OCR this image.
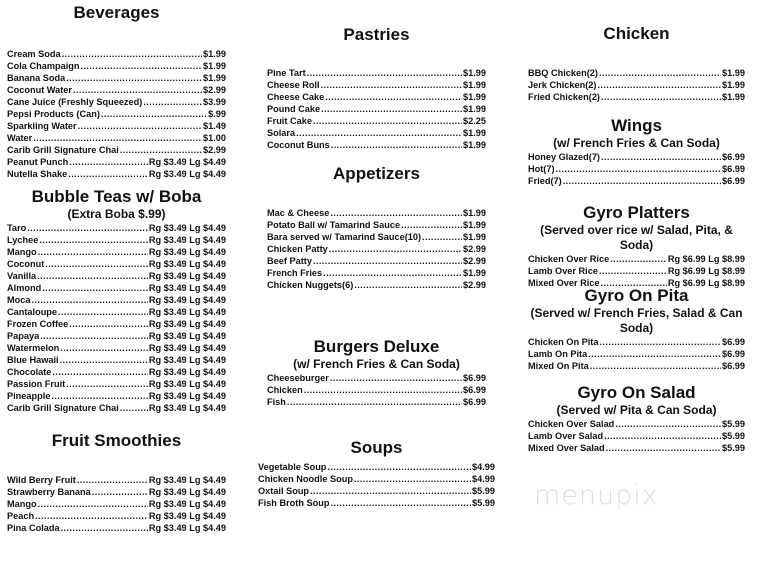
Beverages
Cream Soda .....	$1.99
Cola Champaign .....	$1.99
Banana Soda .....	$1.99
Coconut Water .....	$2.99
Cane Juice (Freshly Squeezed) .....	$3.99
Pepsi Products (Can) .....	$.99
Sparkling Water .....	$1.49
Water .....	$1.00
Carib Grill Signature Chai .....	$2.99
Peanut Punch .....	Rg $3.49 Lg $4.49
Nutella Shake .....	Rg $3.49 Lg $4.49
Bubble Teas w/ Boba
(Extra Boba $.99)
Taro .....	Rg $3.49 Lg $4.49
Lychee .....	Rg $3.49 Lg $4.49
Mango .....	Rg $3.49 Lg $4.49
Coconut .....	Rg $3.49 Lg $4.49
Vanilla .....	Rg $3.49 Lg $4.49
Almond .....	Rg $3.49 Lg $4.49
Moca .....	Rg $3.49 Lg $4.49
Cantaloupe .....	Rg $3.49 Lg $4.49
Frozen Coffee .....	Rg $3.49 Lg $4.49
Papaya .....	Rg $3.49 Lg $4.49
Watermelon .....	Rg $3.49 Lg $4.49
Blue Hawaii .....	Rg $3.49 Lg $4.49
Chocolate .....	Rg $3.49 Lg $4.49
Passion Fruit .....	Rg $3.49 Lg $4.49
Pineapple .....	Rg $3.49 Lg $4.49
Carib Grill Signature Chai .....	Rg $3.49 Lg $4.49
Fruit Smoothies
Wild Berry Fruit .....	Rg $3.49 Lg $4.49
Strawberry Banana .....	Rg $3.49 Lg $4.49
Mango .....	Rg $3.49 Lg $4.49
Peach .....	Rg $3.49 Lg $4.49
Pina Colada .....	Rg $3.49 Lg $4.49
Pastries
Pine Tart .....	$1.99
Cheese Roll .....	$1.99
Cheese Cake .....	$1.99
Pound Cake .....	$1.99
Fruit Cake .....	$2.25
Solara .....	$1.99
Coconut Buns .....	$1.99
Appetizers
Mac & Cheese .....	$1.99
Potato Ball w/ Tamarind Sauce .....	$1.99
Bara served w/ Tamarind Sauce(10) .....	$1.99
Chicken Patty .....	$2.99
Beef Patty .....	$2.99
French Fries .....	$1.99
Chicken Nuggets(6) .....	$2.99
Burgers Deluxe
(w/ French Fries & Can Soda)
Cheeseburger .....	$6.99
Chicken .....	$6.99
Fish .....	$6.99
Soups
Vegetable Soup .....	$4.99
Chicken Noodle Soup .....	$4.99
Oxtail Soup .....	$5.99
Fish Broth Soup .....	$5.99
Chicken
BBQ Chicken(2) .....	$1.99
Jerk Chicken(2) .....	$1.99
Fried Chicken(2) .....	$1.99
Wings
(w/ French Fries & Can Soda)
Honey Glazed(7) .....	$6.99
Hot(7) .....	$6.99
Fried(7) .....	$6.99
Gyro Platters
(Served over rice w/ Salad, Pita, & Soda)
Chicken Over Rice .....	Rg $6.99 Lg $8.99
Lamb Over Rice .....	Rg $6.99 Lg $8.99
Mixed Over Rice .....	Rg $6.99 Lg $8.99
Gyro On Pita
(Served w/ French Fries, Salad & Can Soda)
Chicken On Pita .....	$6.99
Lamb On Pita .....	$6.99
Mixed On Pita .....	$6.99
Gyro On Salad
(Served w/ Pita & Can Soda)
Chicken Over Salad .....	$5.99
Lamb Over Salad .....	$5.99
Mixed Over Salad .....	$5.99
menupix
